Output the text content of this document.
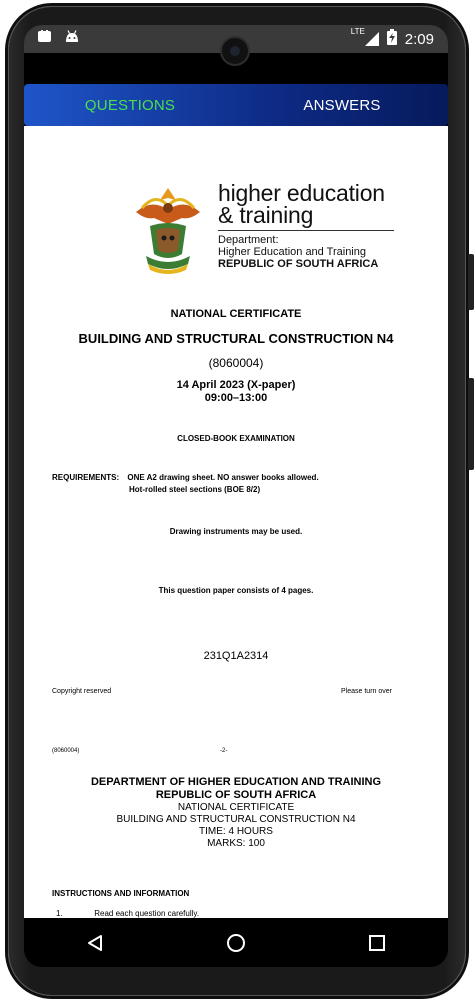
LTE	2:09
QUESTIONS	ANSWERS
higher education
& training
Department:
Higher Education and Training
REPUBLIC OF SOUTH AFRICA
NATIONAL CERTIFICATE
BUILDING AND STRUCTURAL CONSTRUCTION N4
(8060004)
14 April 2023 (X-paper)
09:00–13:00
CLOSED-BOOK EXAMINATION
REQUIREMENTS: ONE A2 drawing sheet. NO answer books allowed.
Hot-rolled steel sections (BOE 8/2)
Drawing instruments may be used.
This question paper consists of 4 pages.
231Q1A2314
Copyright reserved	Please turn over
(8060004)	-2-
DEPARTMENT OF HIGHER EDUCATION AND TRAINING
REPUBLIC OF SOUTH AFRICA
NATIONAL CERTIFICATE
BUILDING AND STRUCTURAL CONSTRUCTION N4
TIME: 4 HOURS
MARKS: 100
INSTRUCTIONS AND INFORMATION
1.	Read each question carefully.
